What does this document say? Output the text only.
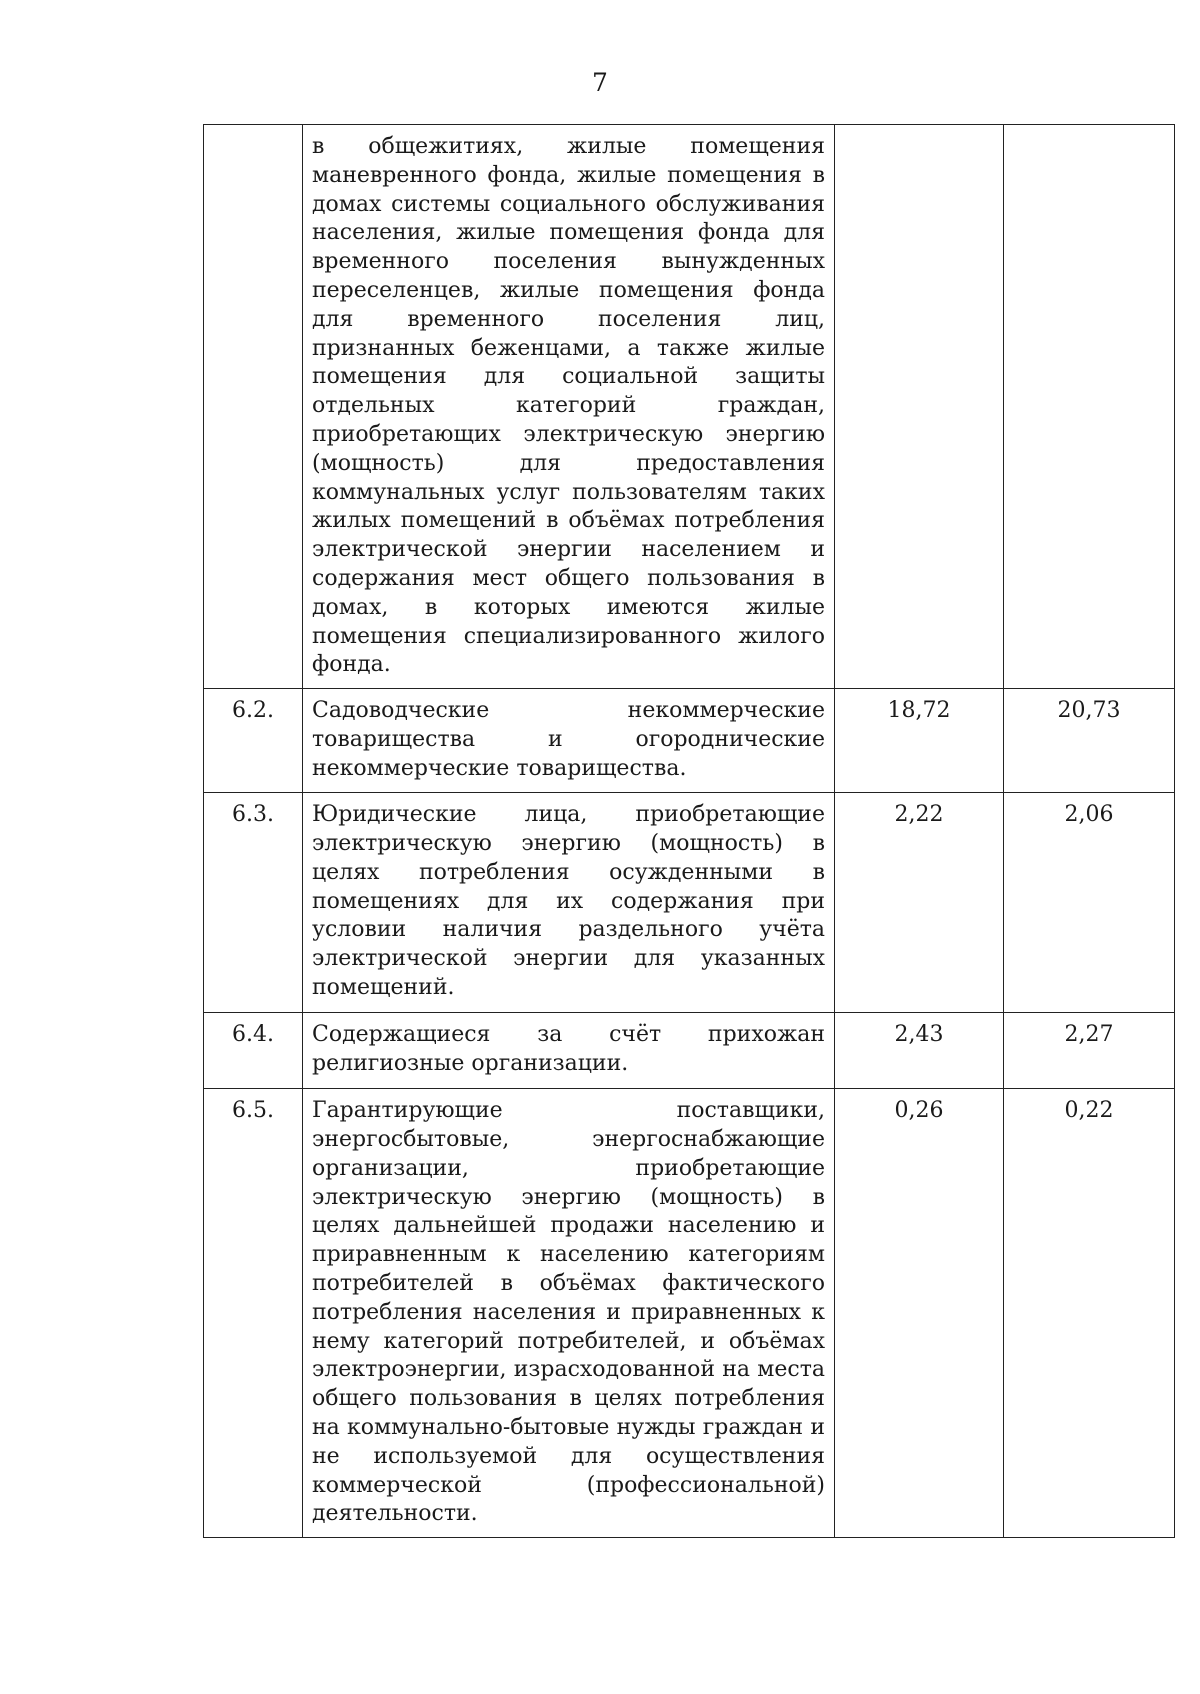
7
	в общежитиях, жилые помещения маневренного фонда, жилые помещения в домах системы социального обслуживания населения, жилые помещения фонда для временного поселения вынужденных переселенцев, жилые помещения фонда для временного поселения лиц, признанных беженцами, а также жилые помещения для социальной защиты отдельных категорий граждан, приобретающих электрическую энергию (мощность) для предоставления коммунальных услуг пользователям таких жилых помещений в объёмах потребления электрической энергии населением и содержания мест общего пользования в домах, в которых имеются жилые помещения специализированного жилого фонда.		
6.2.	Садоводческие некоммерческие товарищества и огороднические некоммерческие товарищества.	18,72	20,73
6.3.	Юридические лица, приобретающие электрическую энергию (мощность) в целях потребления осужденными в помещениях для их содержания при условии наличия раздельного учёта электрической энергии для указанных помещений.	2,22	2,06
6.4.	Содержащиеся за счёт прихожан религиозные организации.	2,43	2,27
6.5.	Гарантирующие поставщики, энергосбытовые, энергоснабжающие организации, приобретающие электрическую энергию (мощность) в целях дальнейшей продажи населению и приравненным к населению категориям потребителей в объёмах фактического потребления населения и приравненных к нему категорий потребителей, и объёмах электроэнергии, израсходованной на места общего пользования в целях потребления на коммунально-бытовые нужды граждан и не используемой для осуществления коммерческой (профессиональной) деятельности.	0,26	0,22
